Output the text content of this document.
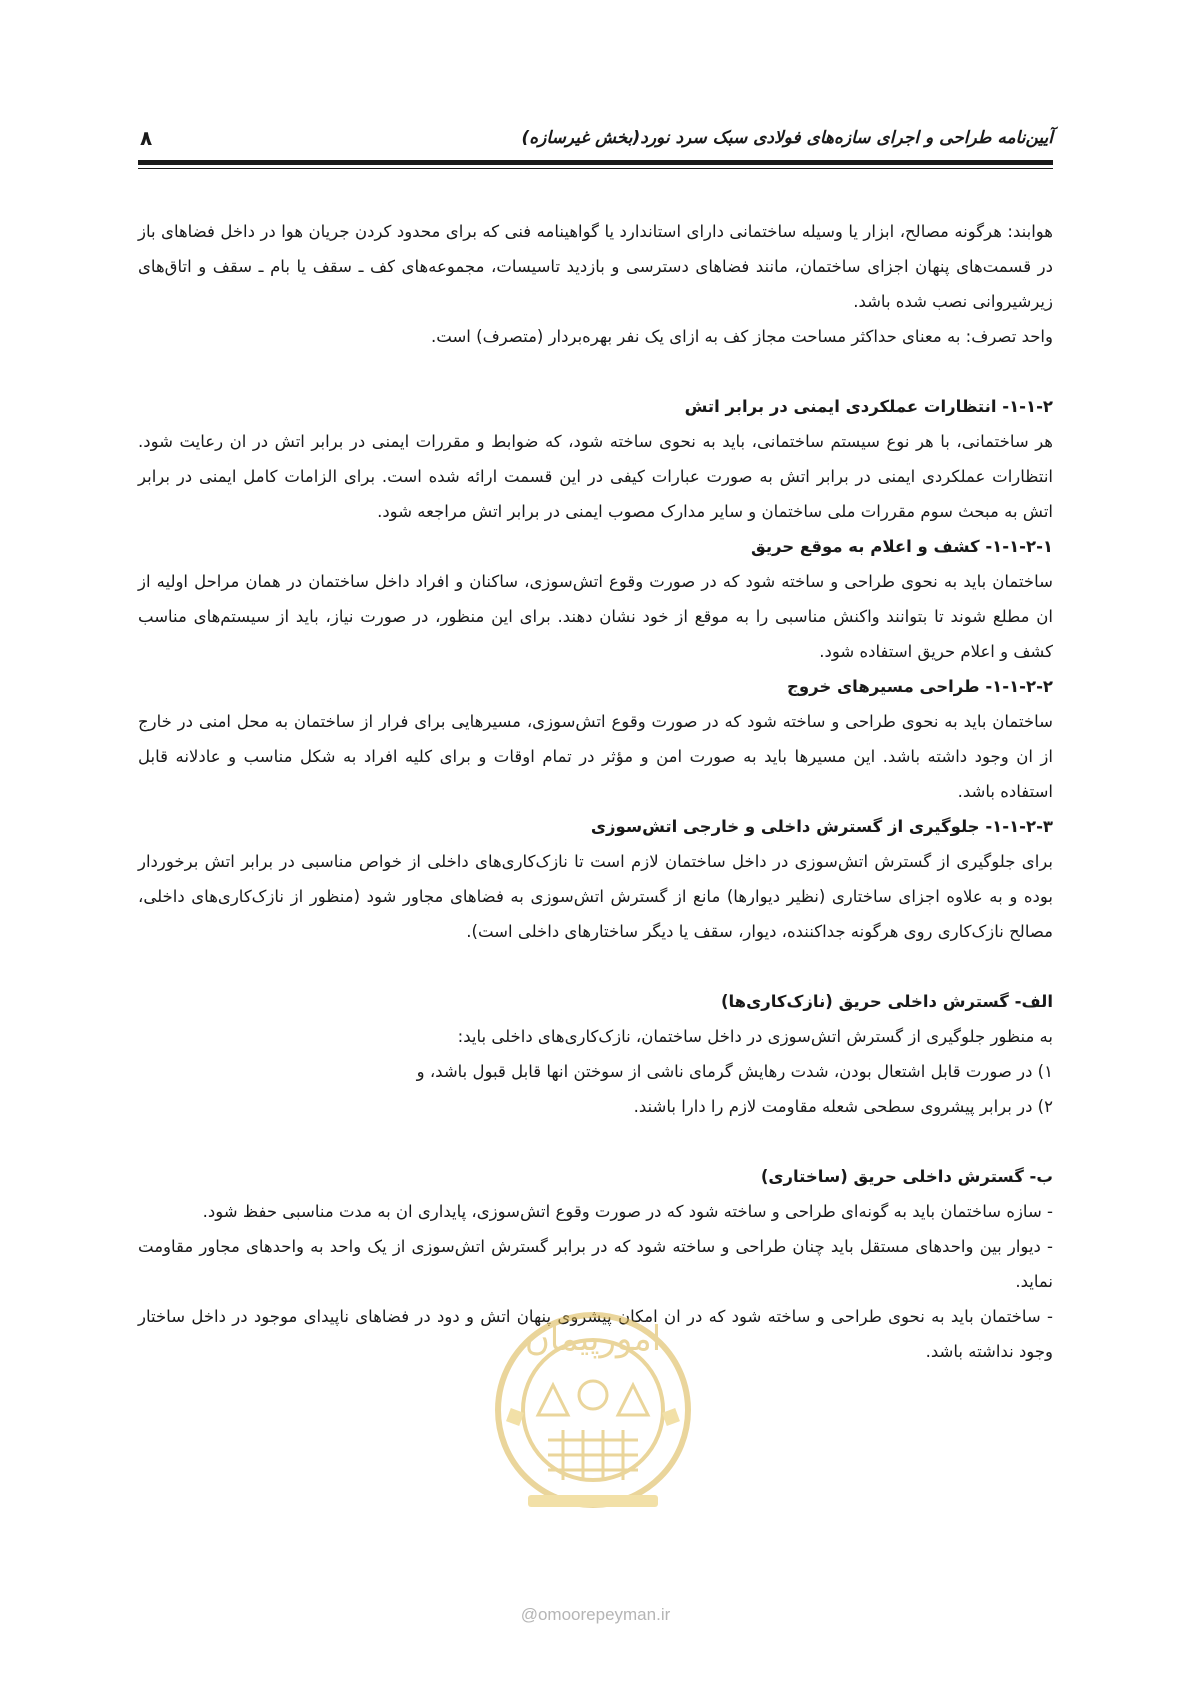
آیین‌نامه طراحی و اجرای سازه‌های فولادی سبک سرد نورد(بخش غیرسازه)
۸

هوابند: هرگونه مصالح، ابزار یا وسیله ساختمانی دارای استاندارد یا گواهینامه فنی که برای محدود کردن جریان هوا در داخل فضاهای باز در قسمت‌های پنهان اجزای ساختمان، مانند فضاهای دسترسی و بازدید تاسیسات، مجموعه‌های کف ـ سقف یا بام ـ سقف و اتاق‌های زیرشیروانی نصب شده باشد.

واحد تصرف: به معنای حداکثر مساحت مجاز کف به ازای یک نفر بهره‌بردار (متصرف) است.

۱-۱-۲- انتظارات عملکردی ایمنی در برابر اتش

هر ساختمانی، با هر نوع سیستم ساختمانی، باید به نحوی ساخته شود، که ضوابط و مقررات ایمنی در برابر اتش در ان رعایت شود. انتظارات عملکردی ایمنی در برابر اتش به صورت عبارات کیفی در این قسمت ارائه شده است. برای الزامات کامل ایمنی در برابر اتش به مبحث سوم مقررات ملی ساختمان و سایر مدارک مصوب ایمنی در برابر اتش مراجعه شود.

۱-۱-۲-۱- کشف و اعلام به موقع حریق

ساختمان باید به نحوی طراحی و ساخته شود که در صورت وقوع اتش‌سوزی، ساکنان و افراد داخل ساختمان در همان مراحل اولیه از ان مطلع شوند تا بتوانند واکنش مناسبی را به موقع از خود نشان دهند. برای این منظور، در صورت نیاز، باید از سیستم‌های مناسب کشف و اعلام حریق استفاده شود.

۱-۱-۲-۲- طراحی مسیرهای خروج

ساختمان باید به نحوی طراحی و ساخته شود که در صورت وقوع اتش‌سوزی، مسیرهایی برای فرار از ساختمان به محل امنی در خارج از ان وجود داشته باشد. این مسیرها باید به صورت امن و مؤثر در تمام اوقات و برای کلیه افراد به شکل مناسب و عادلانه قابل استفاده باشد.

۱-۱-۲-۳- جلوگیری از گسترش داخلی و خارجی اتش‌سوزی

برای جلوگیری از گسترش اتش‌سوزی در داخل ساختمان لازم است تا نازک‌کاری‌های داخلی از خواص مناسبی در برابر اتش برخوردار بوده و به علاوه اجزای ساختاری (نظیر دیوارها) مانع از گسترش اتش‌سوزی به فضاهای مجاور شود (منظور از نازک‌کاری‌های داخلی، مصالح نازک‌کاری روی هرگونه جداکننده، دیوار، سقف یا دیگر ساختارهای داخلی است).

الف- گسترش داخلی حریق (نازک‌کاری‌ها)

به منظور جلوگیری از گسترش اتش‌سوزی در داخل ساختمان، نازک‌کاری‌های داخلی باید:

۱) در صورت قابل اشتعال بودن، شدت رهایش گرمای ناشی از سوختن انها قابل قبول باشد، و

۲) در برابر پیشروی سطحی شعله مقاومت لازم را دارا باشند.

ب- گسترش داخلی حریق (ساختاری)

- سازه ساختمان باید به گونه‌ای طراحی و ساخته شود که در صورت وقوع اتش‌سوزی، پایداری ان به مدت مناسبی حفظ شود.

- دیوار بین واحدهای مستقل باید چنان طراحی و ساخته شود که در برابر گسترش اتش‌سوزی از یک واحد به واحدهای مجاور مقاومت نماید.

- ساختمان باید به نحوی طراحی و ساخته شود که در ان امکان پیشروی پنهان اتش و دود در فضاهای ناپیدای موجود در داخل ساختار وجود نداشته باشد.

امورپیمان
@omoorepeyman.ir
